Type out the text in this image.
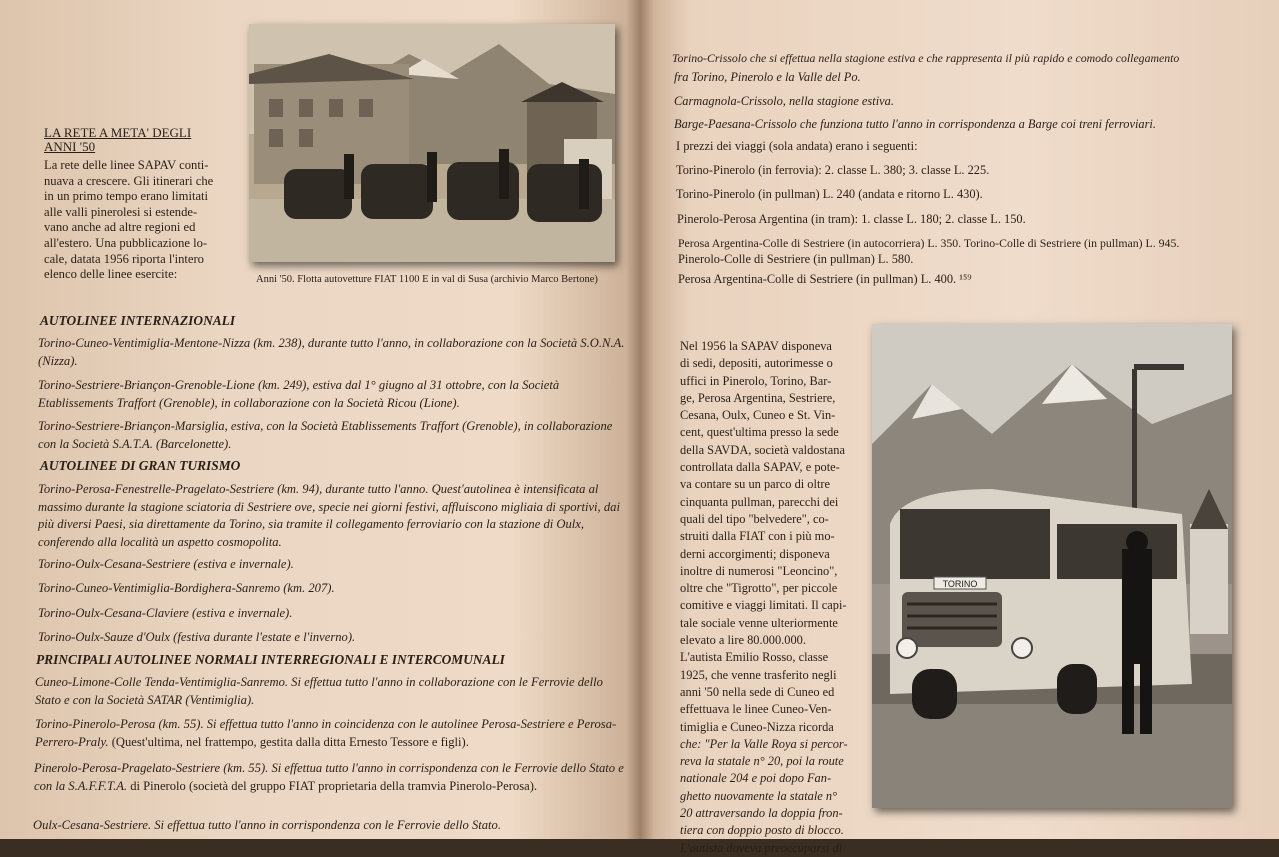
Anni '50. Flotta autovetture FIAT 1100 E in val di Susa (archivio Marco Bertone)
LA RETE A META' DEGLI
ANNI '50
La rete delle linee SAPAV conti-
nuava a crescere. Gli itinerari che
in un primo tempo erano limitati
alle valli pinerolesi si estende-
vano anche ad altre regioni ed
all'estero. Una pubblicazione lo-
cale, datata 1956 riporta l'intero
elenco delle linee esercite:
AUTOLINEE INTERNAZIONALI
Torino-Cuneo-Ventimiglia-Mentone-Nizza (km. 238), durante tutto l'anno, in collaborazione con la Società S.O.N.A. (Nizza).
Torino-Sestriere-Briançon-Grenoble-Lione (km. 249), estiva dal 1° giugno al 31 ottobre, con la Società Etablissements Traffort (Grenoble), in collaborazione con la Società Ricou (Lione).
Torino-Sestriere-Briançon-Marsiglia, estiva, con la Società Etablissements Traffort (Grenoble), in collaborazione con la Società S.A.T.A. (Barcelonette).
AUTOLINEE DI GRAN TURISMO
Torino-Perosa-Fenestrelle-Pragelato-Sestriere (km. 94), durante tutto l'anno. Quest'autolinea è intensificata al massimo durante la stagione sciatoria di Sestriere ove, specie nei giorni festivi, affluiscono migliaia di sportivi, dai più diversi Paesi, sia direttamente da Torino, sia tramite il collegamento ferroviario con la stazione di Oulx, conferendo alla località un aspetto cosmopolita.
Torino-Oulx-Cesana-Sestriere (estiva e invernale).
Torino-Cuneo-Ventimiglia-Bordighera-Sanremo (km. 207).
Torino-Oulx-Cesana-Claviere (estiva e invernale).
Torino-Oulx-Sauze d'Oulx (festiva durante l'estate e l'inverno).
PRINCIPALI AUTOLINEE NORMALI INTERREGIONALI E INTERCOMUNALI
Cuneo-Limone-Colle Tenda-Ventimiglia-Sanremo. Si effettua tutto l'anno in collaborazione con le Ferrovie dello Stato e con la Società SATAR (Ventimiglia).
Torino-Pinerolo-Perosa (km. 55). Si effettua tutto l'anno in coincidenza con le autolinee Perosa-Sestriere e Perosa-Perrero-Praly. (Quest'ultima, nel frattempo, gestita dalla ditta Ernesto Tessore e figli).
Pinerolo-Perosa-Pragelato-Sestriere (km. 55). Si effettua tutto l'anno in corrispondenza con le Ferrovie dello Stato e con la S.A.F.F.T.A. di Pinerolo (società del gruppo FIAT proprietaria della tramvia Pinerolo-Perosa).
Oulx-Cesana-Sestriere. Si effettua tutto l'anno in corrispondenza con le Ferrovie dello Stato.
TORINO
Torino-Crissolo che si effettua nella stagione estiva e che rappresenta il più rapido e comodo collegamento
fra Torino, Pinerolo e la Valle del Po.
Carmagnola-Crissolo, nella stagione estiva.
Barge-Paesana-Crissolo che funziona tutto l'anno in corrispondenza a Barge coi treni ferroviari.
I prezzi dei viaggi (sola andata) erano i seguenti:
Torino-Pinerolo (in ferrovia): 2. classe L. 380; 3. classe L. 225.
Torino-Pinerolo (in pullman) L. 240 (andata e ritorno L. 430).
Pinerolo-Perosa Argentina (in tram): 1. classe L. 180; 2. classe L. 150.
Perosa Argentina-Colle di Sestriere (in autocorriera) L. 350. Torino-Colle di Sestriere (in pullman) L. 945.
Pinerolo-Colle di Sestriere (in pullman) L. 580.
Perosa Argentina-Colle di Sestriere (in pullman) L. 400. ¹⁵⁹

Nel 1956 la SAPAV disponeva

di sedi, depositi, autorimesse o

uffici in Pinerolo, Torino, Bar-

ge, Perosa Argentina, Sestriere,

Cesana, Oulx, Cuneo e St. Vin-

cent, quest'ultima presso la sede

della SAVDA, società valdostana

controllata dalla SAPAV, e pote-

va contare su un parco di oltre

cinquanta pullman, parecchi dei

quali del tipo "belvedere", co-

struiti dalla FIAT con i più mo-

derni accorgimenti; disponeva

inoltre di numerosi "Leoncino",

oltre che "Tigrotto", per piccole

comitive e viaggi limitati. Il capi-

tale sociale venne ulteriormente

elevato a lire 80.000.000.

L'autista Emilio Rosso, classe

1925, che venne trasferito negli

anni '50 nella sede di Cuneo ed

effettuava le linee Cuneo-Ven-

timiglia e Cuneo-Nizza ricorda

che: "Per la Valle Roya si percor-

reva la statale n° 20, poi la route

nationale 204 e poi dopo Fan-

ghetto nuovamente la statale n°

20 attraversando la doppia fron-

tiera con doppio posto di blocco.

L'autista doveva preoccuparsi di
